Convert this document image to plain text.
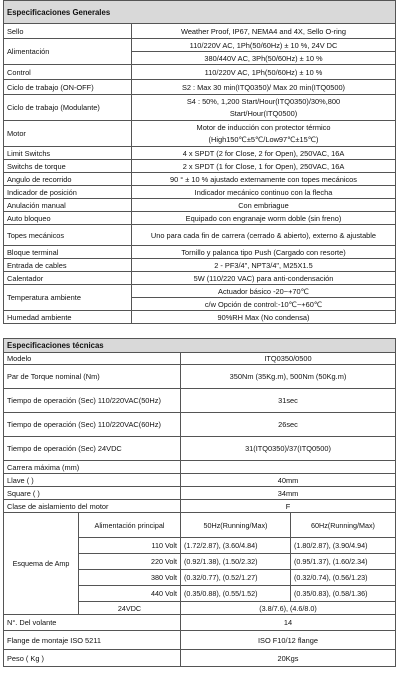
Especificaciones Generales	
Sello	Weather Proof, IP67, NEMA4 and 4X, Sello O-ring
Alimentación	110/220V AC, 1Ph(50/60Hz) ± 10 %, 24V DC
	380/440V AC, 3Ph(50/60Hz) ± 10 %
Control	110/220V AC, 1Ph(50/60Hz) ± 10 %
Ciclo de trabajo (ON-OFF)	S2 : Max 30 min(ITQ0350)/ Max 20 min(ITQ0500)
Ciclo de trabajo (Modulante)	S4 : 50%, 1,200 Start/Hour(ITQ0350)/30%,800
	Start/Hour(ITQ0500)
Motor	Motor de inducción con protector térmico
	(High150℃±5℃/Low97℃±15℃)
Limit Switchs	4 x SPDT (2 for Close, 2 for Open), 250VAC, 16A
Switchs de torque	2 x SPDT (1 for Close, 1 for Open), 250VAC, 16A
Angulo de recorrido	90 ° ± 10 % ajustado externamente con topes mecánicos
Indicador de posición	Indicador mecánico continuo con la flecha
Anulación manual	Con embriague
Auto bloqueo	Equipado con engranaje worm doble (sin freno)
Topes mecánicos	Uno para cada fin de carrera (cerrado & abierto), externo & ajustable
Bloque terminal	Tornillo y palanca tipo Push (Cargado con resorte)
Entrada de cables	2 - PF3/4", NPT3/4", M25X1.5
Calentador	5W (110/220 VAC) para anti-condensación
Temperatura ambiente	Actuador básico -20~+70℃
	c/w Opción de control:-10℃~+60℃
Humedad ambiente	90%RH Max (No condensa)
Especificaciones técnicas			
Modelo		ITQ0350/0500	
Par de Torque nominal (Nm)		350Nm (35Kg.m), 500Nm (50Kg.m)	
Tiempo de operación (Sec) 110/220VAC(50Hz)		31sec	
Tiempo de operación (Sec) 110/220VAC(60Hz)		26sec	
Tiempo de operación (Sec) 24VDC		31(ITQ0350)/37(ITQ0500)	
Carrera máxima (mm)			
Llave ( )		40mm	
Square ( )		34mm	
Clase de aislamiento del motor		F	
Esquema de Amp	Alimentación principal	50Hz(Running/Max)	60Hz(Running/Max)
	110 Volt	(1.72/2.87), (3.60/4.84)	(1.80/2.87), (3.90/4.94)
	220 Volt	(0.92/1.38), (1.50/2.32)	(0.95/1.37), (1.60/2.34)
	380 Volt	(0.32/0.77), (0.52/1.27)	(0.32/0.74), (0.56/1.23)
	440 Volt	(0.35/0.88), (0.55/1.52)	(0.35/0.83), (0.58/1.36)
	24VDC	(3.8/7.6), (4.6/8.0)	
N°. Del volante		14	
Flange de montaje ISO 5211		ISO F10/12 flange	
Peso ( Kg )		20Kgs	
